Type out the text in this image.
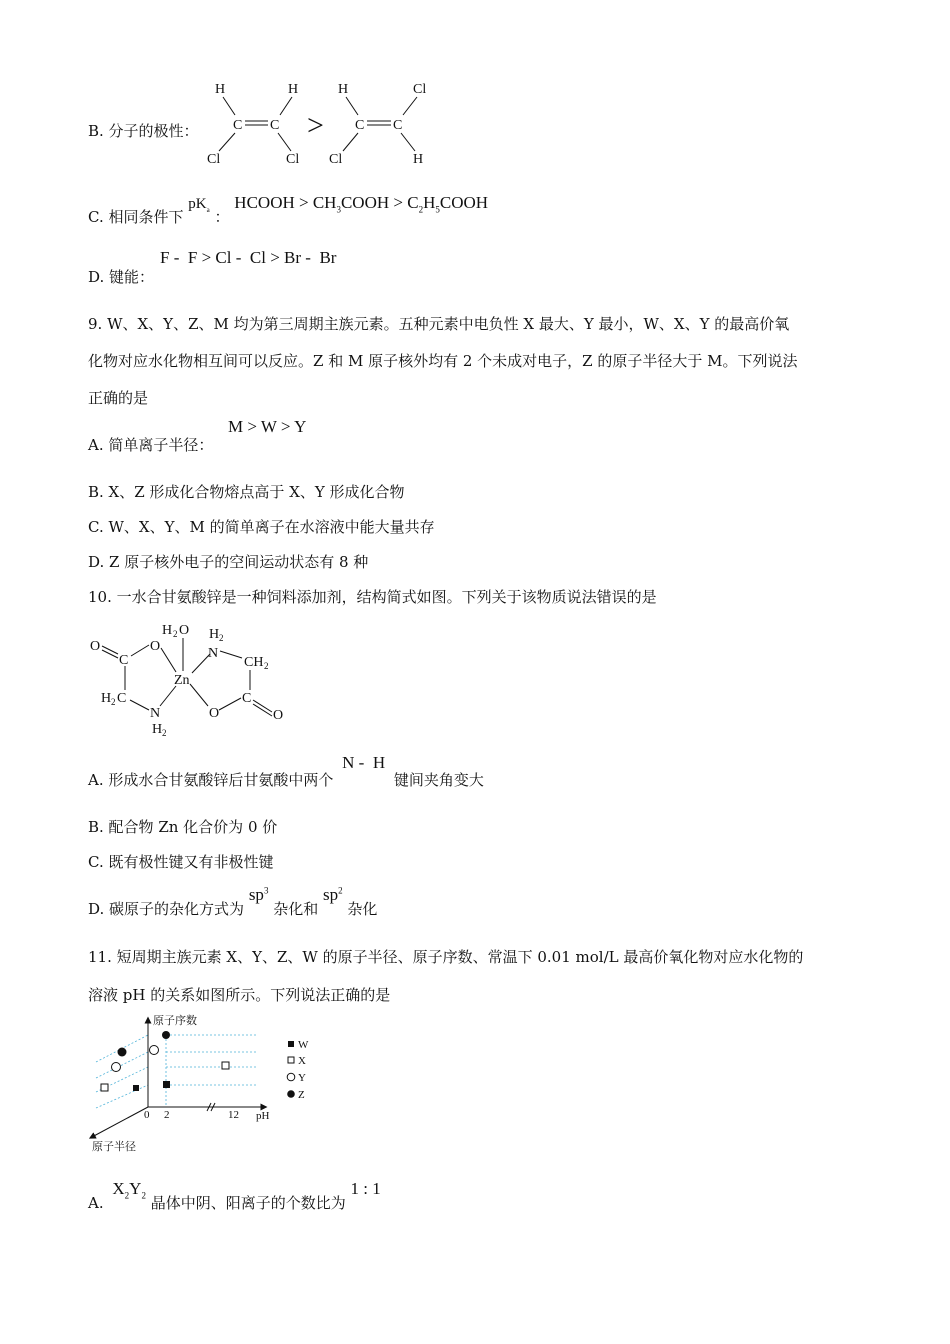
B. 分子的极性：
H	H
C C
Cl	Cl
>
H	Cl
C C
Cl	H
C. 相同条件下 $pK_a$ ： HCOOH > $CH_3COOH$ > $C_2H_5COOH$
D. 键能：
F -  F > Cl -  Cl > Br -  Br
9. W、X、Y、Z、M 均为第三周期主族元素。五种元素中电负性 X 最大、Y 最小，W、X、Y 的最高价氧
化物对应水化物相互间可以反应。Z 和 M 原子核外均有 2 个未成对电子，Z 的原子半径大于 M。下列说法
正确的是
A. 简单离子半径：
M > W > Y
B. X、Z 形成化合物熔点高于 X、Y 形成化合物
C. W、X、Y、M 的简单离子在水溶液中能大量共存
D. Z 原子核外电子的空间运动状态有 8 种
10. 一水合甘氨酸锌是一种饲料添加剂，结构简式如图。下列关于该物质说法错误的是
O
C
O
H 2 O H 2
N
CH 2
Zn
H 2 C
N
H 2
O
C
O
A. 形成水合甘氨酸锌后甘氨酸中两个 N -  H 键间夹角变大
B. 配合物 Zn 化合价为 0 价
C. 既有极性键又有非极性键
D. 碳原子的杂化方式为 $sp^3$ 杂化和 $sp^2$ 杂化
11. 短周期主族元素 X、Y、Z、W 的原子半径、原子序数、常温下 0.01 mol/L 最高价氧化物对应水化物的
溶液 pH 的关系如图所示。下列说法正确的是
原子序数
pH
原子半径
0 2	12
W
X
Y
Z
A. $X_2Y_2$ 晶体中阴、阳离子的个数比为 1 : 1
